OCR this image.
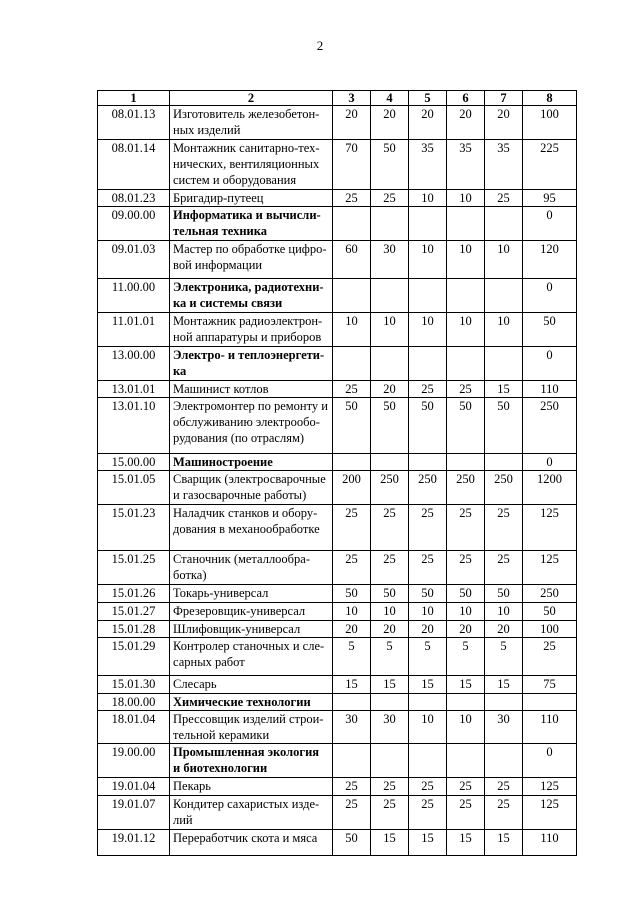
2
1	2	3	4	5	6	7	8
08.01.13	Изготовитель железобетон-ных изделий	20	20	20	20	20	100
08.01.14	Монтажник санитарно-тех-нических, вентиляционных систем и оборудования	70	50	35	35	35	225
08.01.23	Бригадир-путеец	25	25	10	10	25	95
09.00.00	Информатика и вычисли-тельная техника						0
09.01.03	Мастер по обработке цифро-вой информации	60	30	10	10	10	120
11.00.00	Электроника, радиотехни-ка и системы связи						0
11.01.01	Монтажник радиоэлектрон-ной аппаратуры и приборов	10	10	10	10	10	50
13.00.00	Электро- и теплоэнергети-ка						0
13.01.01	Машинист котлов	25	20	25	25	15	110
13.01.10	Электромонтер по ремонту и обслуживанию электрообо-рудования (по отраслям)	50	50	50	50	50	250
15.00.00	Машиностроение						0
15.01.05	Сварщик (электросварочные и газосварочные работы)	200	250	250	250	250	1200
15.01.23	Наладчик станков и обору-дования в механообработке	25	25	25	25	25	125
15.01.25	Станочник (металлообра-ботка)	25	25	25	25	25	125
15.01.26	Токарь-универсал	50	50	50	50	50	250
15.01.27	Фрезеровщик-универсал	10	10	10	10	10	50
15.01.28	Шлифовщик-универсал	20	20	20	20	20	100
15.01.29	Контролер станочных и сле-сарных работ	5	5	5	5	5	25
15.01.30	Слесарь	15	15	15	15	15	75
18.00.00	Химические технологии						
18.01.04	Прессовщик изделий строи-тельной керамики	30	30	10	10	30	110
19.00.00	Промышленная экология и биотехнологии						0
19.01.04	Пекарь	25	25	25	25	25	125
19.01.07	Кондитер сахаристых изде-лий	25	25	25	25	25	125
19.01.12	Переработчик скота и мяса	50	15	15	15	15	110
